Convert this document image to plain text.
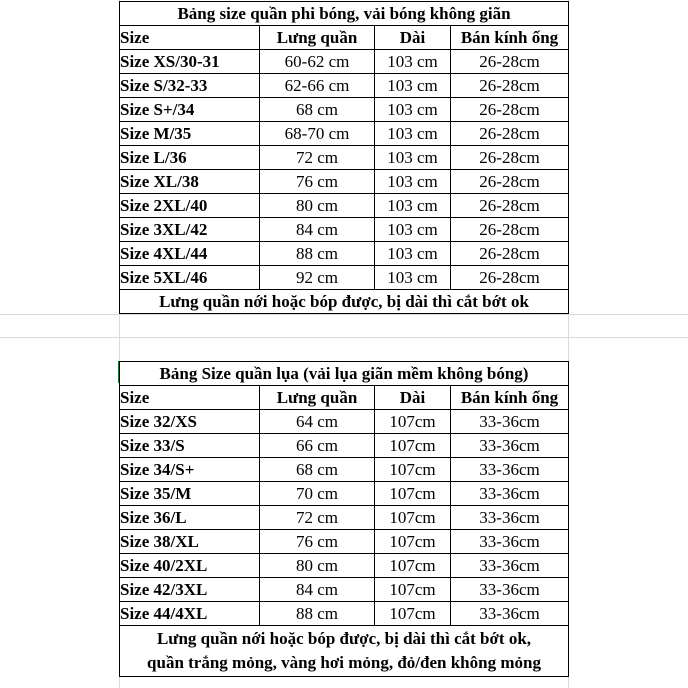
Bảng size quần phi bóng, vải bóng không giãn			
Size	Lưng quần	Dài	Bán kính ống
Size XS/30-31	60-62 cm	103 cm	26-28cm
Size S/32-33	62-66 cm	103 cm	26-28cm
Size S+/34	68 cm	103 cm	26-28cm
Size M/35	68-70 cm	103 cm	26-28cm
Size L/36	72 cm	103 cm	26-28cm
Size XL/38	76 cm	103 cm	26-28cm
Size 2XL/40	80 cm	103 cm	26-28cm
Size 3XL/42	84 cm	103 cm	26-28cm
Size 4XL/44	88 cm	103 cm	26-28cm
Size 5XL/46	92 cm	103 cm	26-28cm
Lưng quần nới hoặc bóp được, bị dài thì cắt bớt ok			
Bảng Size quần lụa (vải lụa giãn mềm không bóng)			
Size	Lưng quần	Dài	Bán kính ống
Size 32/XS	64 cm	107cm	33-36cm
Size 33/S	66 cm	107cm	33-36cm
Size 34/S+	68 cm	107cm	33-36cm
Size 35/M	70 cm	107cm	33-36cm
Size 36/L	72 cm	107cm	33-36cm
Size 38/XL	76 cm	107cm	33-36cm
Size 40/2XL	80 cm	107cm	33-36cm
Size 42/3XL	84 cm	107cm	33-36cm
Size 44/4XL	88 cm	107cm	33-36cm

Lưng quần nới hoặc bóp được, bị dài thì cắt bớt ok,
quần trắng mỏng, vàng hơi mỏng, đỏ/đen không mỏng			
